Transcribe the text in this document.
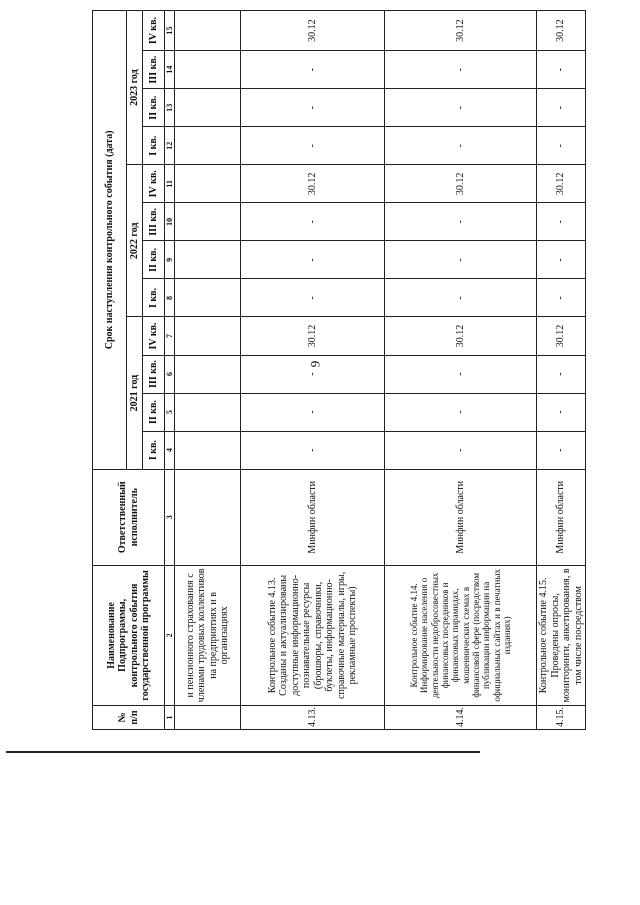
9
№ п/п	Наименование Подпрограммы, контрольного события государственной программы	Ответственный исполнитель	Срок наступления контрольного события (дата)											
			2021 год				2022 год				2023 год			
			I кв.	II кв.	III кв.	IV кв.	I кв.	II кв.	III кв.	IV кв.	I кв.	II кв.	III кв.	IV кв.
1	2	3	4	5	6	7	8	9	10	11	12	13	14	15
	и пенсионного страхования с членами трудовых коллективов на предприятиях и в организациях													
4.13.	Контрольное событие 4.13. Созданы и актуализированы доступные информационно-познавательные ресурсы (брошюры, справочники, буклеты, информационно-справочные материалы, игры, рекламные проспекты)	Минфин области	-	-	-	30.12	-	-	-	30.12	-	-	-	30.12
4.14.	Контрольное событие 4.14. Информирование населения о деятельности недобросовестных финансовых посредников и финансовых пирамидах, мошеннических схемах в финансовой сфере (посредством публикации информации на официальных сайтах и в печатных изданиях)	Минфин области	-	-	-	30.12	-	-	-	30.12	-	-	-	30.12
4.15.	Контрольное событие 4.15. Проведены опросы, мониторинги, анкетирования, в том числе посредством	Минфин области	-	-	-	30.12	-	-	-	30.12	-	-	-	30.12
